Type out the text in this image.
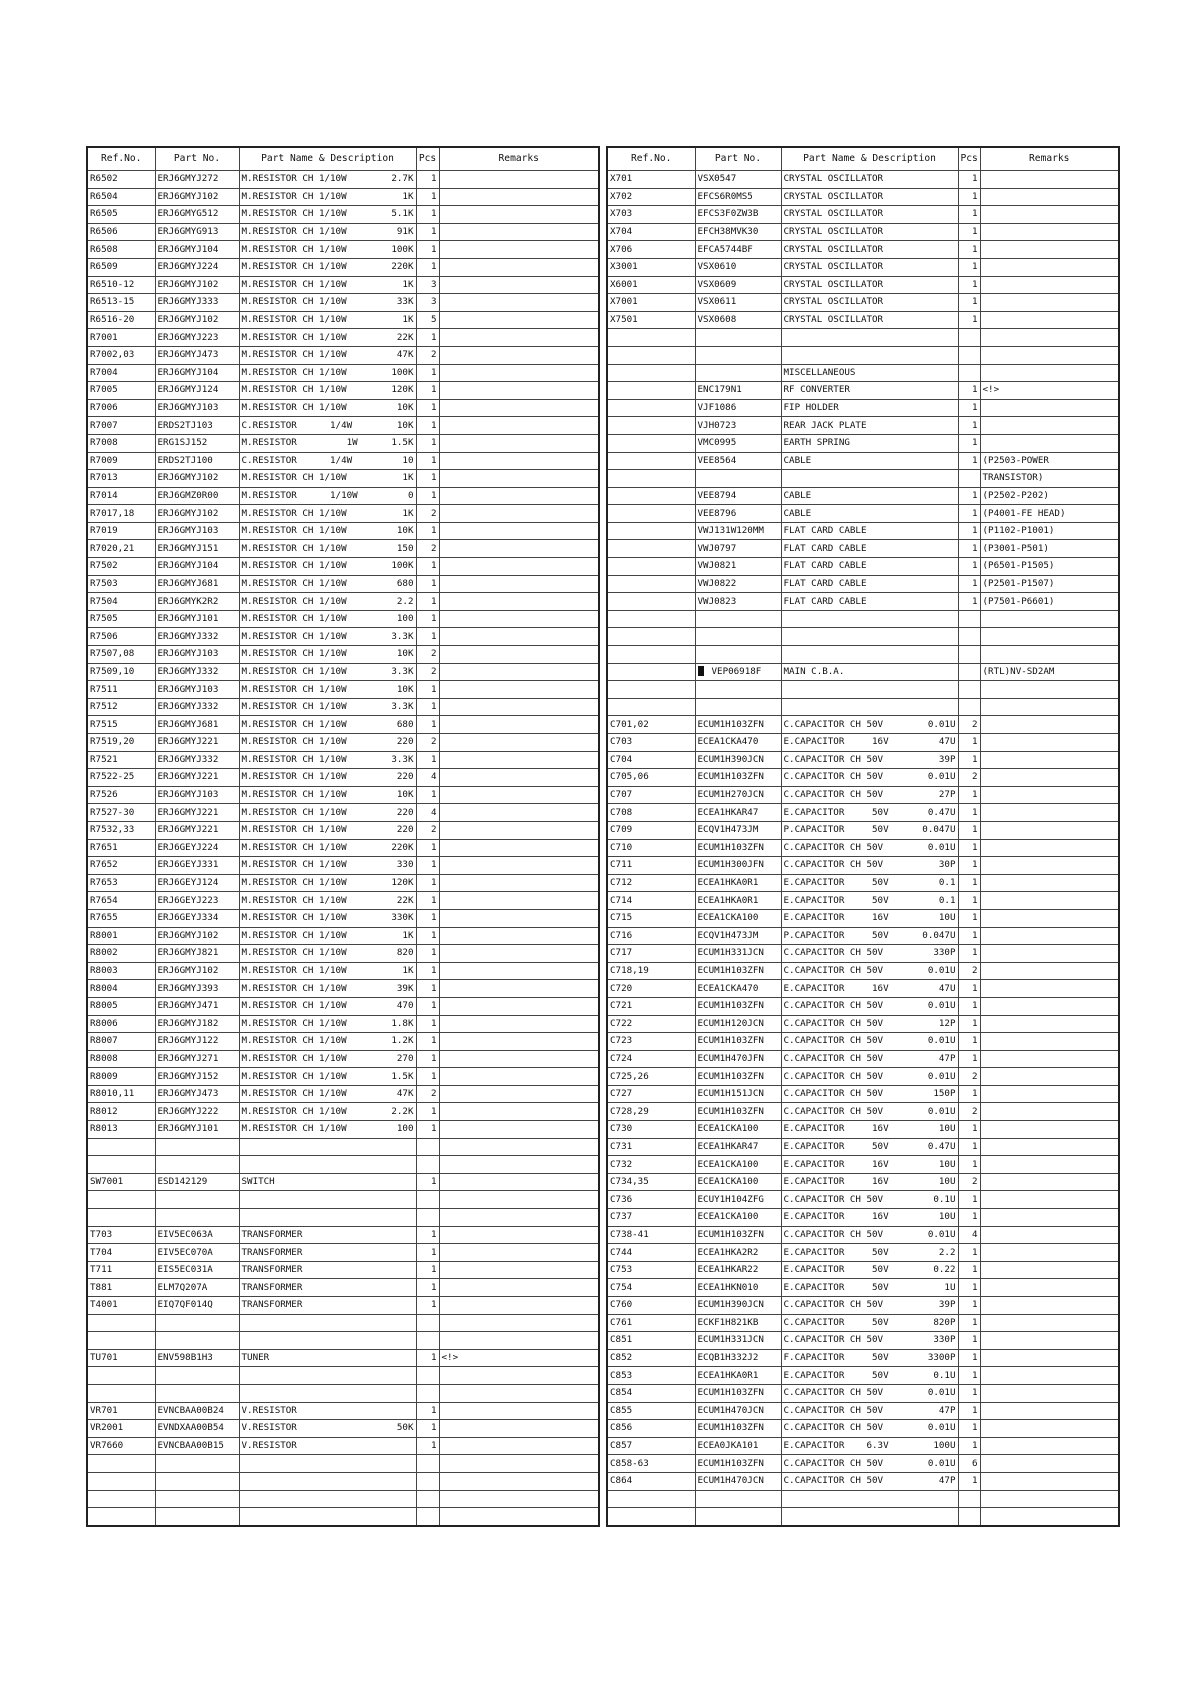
Ref.No.	Part No.	Part Name & Description	Pcs	Remarks
R6502	ERJ6GMYJ272	M.RESISTOR CH 1/10W 2.7K	1	
R6504	ERJ6GMYJ102	M.RESISTOR CH 1/10W 1K	1	
R6505	ERJ6GMYG512	M.RESISTOR CH 1/10W 5.1K	1	
R6506	ERJ6GMYG913	M.RESISTOR CH 1/10W 91K	1	
R6508	ERJ6GMYJ104	M.RESISTOR CH 1/10W 100K	1	
R6509	ERJ6GMYJ224	M.RESISTOR CH 1/10W 220K	1	
R6510-12	ERJ6GMYJ102	M.RESISTOR CH 1/10W 1K	3	
R6513-15	ERJ6GMYJ333	M.RESISTOR CH 1/10W 33K	3	
R6516-20	ERJ6GMYJ102	M.RESISTOR CH 1/10W 1K	5	
R7001	ERJ6GMYJ223	M.RESISTOR CH 1/10W 22K	1	
R7002,03	ERJ6GMYJ473	M.RESISTOR CH 1/10W 47K	2	
R7004	ERJ6GMYJ104	M.RESISTOR CH 1/10W 100K	1	
R7005	ERJ6GMYJ124	M.RESISTOR CH 1/10W 120K	1	
R7006	ERJ6GMYJ103	M.RESISTOR CH 1/10W 10K	1	
R7007	ERDS2TJ103	C.RESISTOR      1/4W 10K	1	
R7008	ERG1SJ152	M.RESISTOR         1W 1.5K	1	
R7009	ERDS2TJ100	C.RESISTOR      1/4W 10	1	
R7013	ERJ6GMYJ102	M.RESISTOR CH 1/10W 1K	1	
R7014	ERJ6GMZ0R00	M.RESISTOR      1/10W 0	1	
R7017,18	ERJ6GMYJ102	M.RESISTOR CH 1/10W 1K	2	
R7019	ERJ6GMYJ103	M.RESISTOR CH 1/10W 10K	1	
R7020,21	ERJ6GMYJ151	M.RESISTOR CH 1/10W 150	2	
R7502	ERJ6GMYJ104	M.RESISTOR CH 1/10W 100K	1	
R7503	ERJ6GMYJ681	M.RESISTOR CH 1/10W 680	1	
R7504	ERJ6GMYK2R2	M.RESISTOR CH 1/10W 2.2	1	
R7505	ERJ6GMYJ101	M.RESISTOR CH 1/10W 100	1	
R7506	ERJ6GMYJ332	M.RESISTOR CH 1/10W 3.3K	1	
R7507,08	ERJ6GMYJ103	M.RESISTOR CH 1/10W 10K	2	
R7509,10	ERJ6GMYJ332	M.RESISTOR CH 1/10W 3.3K	2	
R7511	ERJ6GMYJ103	M.RESISTOR CH 1/10W 10K	1	
R7512	ERJ6GMYJ332	M.RESISTOR CH 1/10W 3.3K	1	
R7515	ERJ6GMYJ681	M.RESISTOR CH 1/10W 680	1	
R7519,20	ERJ6GMYJ221	M.RESISTOR CH 1/10W 220	2	
R7521	ERJ6GMYJ332	M.RESISTOR CH 1/10W 3.3K	1	
R7522-25	ERJ6GMYJ221	M.RESISTOR CH 1/10W 220	4	
R7526	ERJ6GMYJ103	M.RESISTOR CH 1/10W 10K	1	
R7527-30	ERJ6GMYJ221	M.RESISTOR CH 1/10W 220	4	
R7532,33	ERJ6GMYJ221	M.RESISTOR CH 1/10W 220	2	
R7651	ERJ6GEYJ224	M.RESISTOR CH 1/10W 220K	1	
R7652	ERJ6GEYJ331	M.RESISTOR CH 1/10W 330	1	
R7653	ERJ6GEYJ124	M.RESISTOR CH 1/10W 120K	1	
R7654	ERJ6GEYJ223	M.RESISTOR CH 1/10W 22K	1	
R7655	ERJ6GEYJ334	M.RESISTOR CH 1/10W 330K	1	
R8001	ERJ6GMYJ102	M.RESISTOR CH 1/10W 1K	1	
R8002	ERJ6GMYJ821	M.RESISTOR CH 1/10W 820	1	
R8003	ERJ6GMYJ102	M.RESISTOR CH 1/10W 1K	1	
R8004	ERJ6GMYJ393	M.RESISTOR CH 1/10W 39K	1	
R8005	ERJ6GMYJ471	M.RESISTOR CH 1/10W 470	1	
R8006	ERJ6GMYJ182	M.RESISTOR CH 1/10W 1.8K	1	
R8007	ERJ6GMYJ122	M.RESISTOR CH 1/10W 1.2K	1	
R8008	ERJ6GMYJ271	M.RESISTOR CH 1/10W 270	1	
R8009	ERJ6GMYJ152	M.RESISTOR CH 1/10W 1.5K	1	
R8010,11	ERJ6GMYJ473	M.RESISTOR CH 1/10W 47K	2	
R8012	ERJ6GMYJ222	M.RESISTOR CH 1/10W 2.2K	1	
R8013	ERJ6GMYJ101	M.RESISTOR CH 1/10W 100	1	

SW7001	ESD142129	SWITCH	1	

T703	EIV5EC063A	TRANSFORMER	1	
T704	EIV5EC070A	TRANSFORMER	1	
T711	EIS5EC031A	TRANSFORMER	1	
T881	ELM7Q207A	TRANSFORMER	1	
T4001	EIQ7QF014Q	TRANSFORMER	1	

TU701	ENV598B1H3	TUNER	1	<!>

VR701	EVNCBAA00B24	V.RESISTOR	1	
VR2001	EVNDXAA00B54	V.RESISTOR 50K	1	
VR7660	EVNCBAA00B15	V.RESISTOR	1	

Ref.No.	Part No.	Part Name & Description	Pcs	Remarks
X701	VSX0547	CRYSTAL OSCILLATOR	1	
X702	EFCS6R0MS5	CRYSTAL OSCILLATOR	1	
X703	EFCS3F0ZW3B	CRYSTAL OSCILLATOR	1	
X704	EFCH38MVK30	CRYSTAL OSCILLATOR	1	
X706	EFCA5744BF	CRYSTAL OSCILLATOR	1	
X3001	VSX0610	CRYSTAL OSCILLATOR	1	
X6001	VSX0609	CRYSTAL OSCILLATOR	1	
X7001	VSX0611	CRYSTAL OSCILLATOR	1	
X7501	VSX0608	CRYSTAL OSCILLATOR	1	

		MISCELLANEOUS

	ENC179N1	RF CONVERTER	1	<!>
	VJF1086	FIP HOLDER	1	
	VJH0723	REAR JACK PLATE	1	
	VMC0995	EARTH SPRING	1	
	VEE8564	CABLE	1	(P2503-POWER

		TRANSISTOR)
	VEE8794	CABLE	1	(P2502-P202)
	VEE8796	CABLE	1	(P4001-FE HEAD)
	VWJ131W120MM	FLAT CARD CABLE	1	(P1102-P1001)
	VWJ0797	FLAT CARD CABLE	1	(P3001-P501)
	VWJ0821	FLAT CARD CABLE	1	(P6501-P1505)
	VWJ0822	FLAT CARD CABLE	1	(P2501-P1507)
	VWJ0823	FLAT CARD CABLE	1	(P7501-P6601)

	VEP06918F	MAIN C.B.A.		(RTL)NV-SD2AM

C701,02	ECUM1H103ZFN	C.CAPACITOR CH 50V 0.01U	2	
C703	ECEA1CKA470	E.CAPACITOR     16V 47U	1	
C704	ECUM1H390JCN	C.CAPACITOR CH 50V 39P	1	
C705,06	ECUM1H103ZFN	C.CAPACITOR CH 50V 0.01U	2	
C707	ECUM1H270JCN	C.CAPACITOR CH 50V 27P	1	
C708	ECEA1HKAR47	E.CAPACITOR     50V 0.47U	1	
C709	ECQV1H473JM	P.CAPACITOR     50V 0.047U	1	
C710	ECUM1H103ZFN	C.CAPACITOR CH 50V 0.01U	1	
C711	ECUM1H300JFN	C.CAPACITOR CH 50V 30P	1	
C712	ECEA1HKA0R1	E.CAPACITOR     50V 0.1	1	
C714	ECEA1HKA0R1	E.CAPACITOR     50V 0.1	1	
C715	ECEA1CKA100	E.CAPACITOR     16V 10U	1	
C716	ECQV1H473JM	P.CAPACITOR     50V 0.047U	1	
C717	ECUM1H331JCN	C.CAPACITOR CH 50V 330P	1	
C718,19	ECUM1H103ZFN	C.CAPACITOR CH 50V 0.01U	2	
C720	ECEA1CKA470	E.CAPACITOR     16V 47U	1	
C721	ECUM1H103ZFN	C.CAPACITOR CH 50V 0.01U	1	
C722	ECUM1H120JCN	C.CAPACITOR CH 50V 12P	1	
C723	ECUM1H103ZFN	C.CAPACITOR CH 50V 0.01U	1	
C724	ECUM1H470JFN	C.CAPACITOR CH 50V 47P	1	
C725,26	ECUM1H103ZFN	C.CAPACITOR CH 50V 0.01U	2	
C727	ECUM1H151JCN	C.CAPACITOR CH 50V 150P	1	
C728,29	ECUM1H103ZFN	C.CAPACITOR CH 50V 0.01U	2	
C730	ECEA1CKA100	E.CAPACITOR     16V 10U	1	
C731	ECEA1HKAR47	E.CAPACITOR     50V 0.47U	1	
C732	ECEA1CKA100	E.CAPACITOR     16V 10U	1	
C734,35	ECEA1CKA100	E.CAPACITOR     16V 10U	2	
C736	ECUY1H104ZFG	C.CAPACITOR CH 50V 0.1U	1	
C737	ECEA1CKA100	E.CAPACITOR     16V 10U	1	
C738-41	ECUM1H103ZFN	C.CAPACITOR CH 50V 0.01U	4	
C744	ECEA1HKA2R2	E.CAPACITOR     50V 2.2	1	
C753	ECEA1HKAR22	E.CAPACITOR     50V 0.22	1	
C754	ECEA1HKN010	E.CAPACITOR     50V 1U	1	
C760	ECUM1H390JCN	C.CAPACITOR CH 50V 39P	1	
C761	ECKF1H821KB	C.CAPACITOR     50V 820P	1	
C851	ECUM1H331JCN	C.CAPACITOR CH 50V 330P	1	
C852	ECQB1H332J2	F.CAPACITOR     50V 3300P	1	
C853	ECEA1HKA0R1	E.CAPACITOR     50V 0.1U	1	
C854	ECUM1H103ZFN	C.CAPACITOR CH 50V 0.01U	1	
C855	ECUM1H470JCN	C.CAPACITOR CH 50V 47P	1	
C856	ECUM1H103ZFN	C.CAPACITOR CH 50V 0.01U	1	
C857	ECEA0JKA101	E.CAPACITOR    6.3V 100U	1	
C858-63	ECUM1H103ZFN	C.CAPACITOR CH 50V 0.01U	6	
C864	ECUM1H470JCN	C.CAPACITOR CH 50V 47P	1	
